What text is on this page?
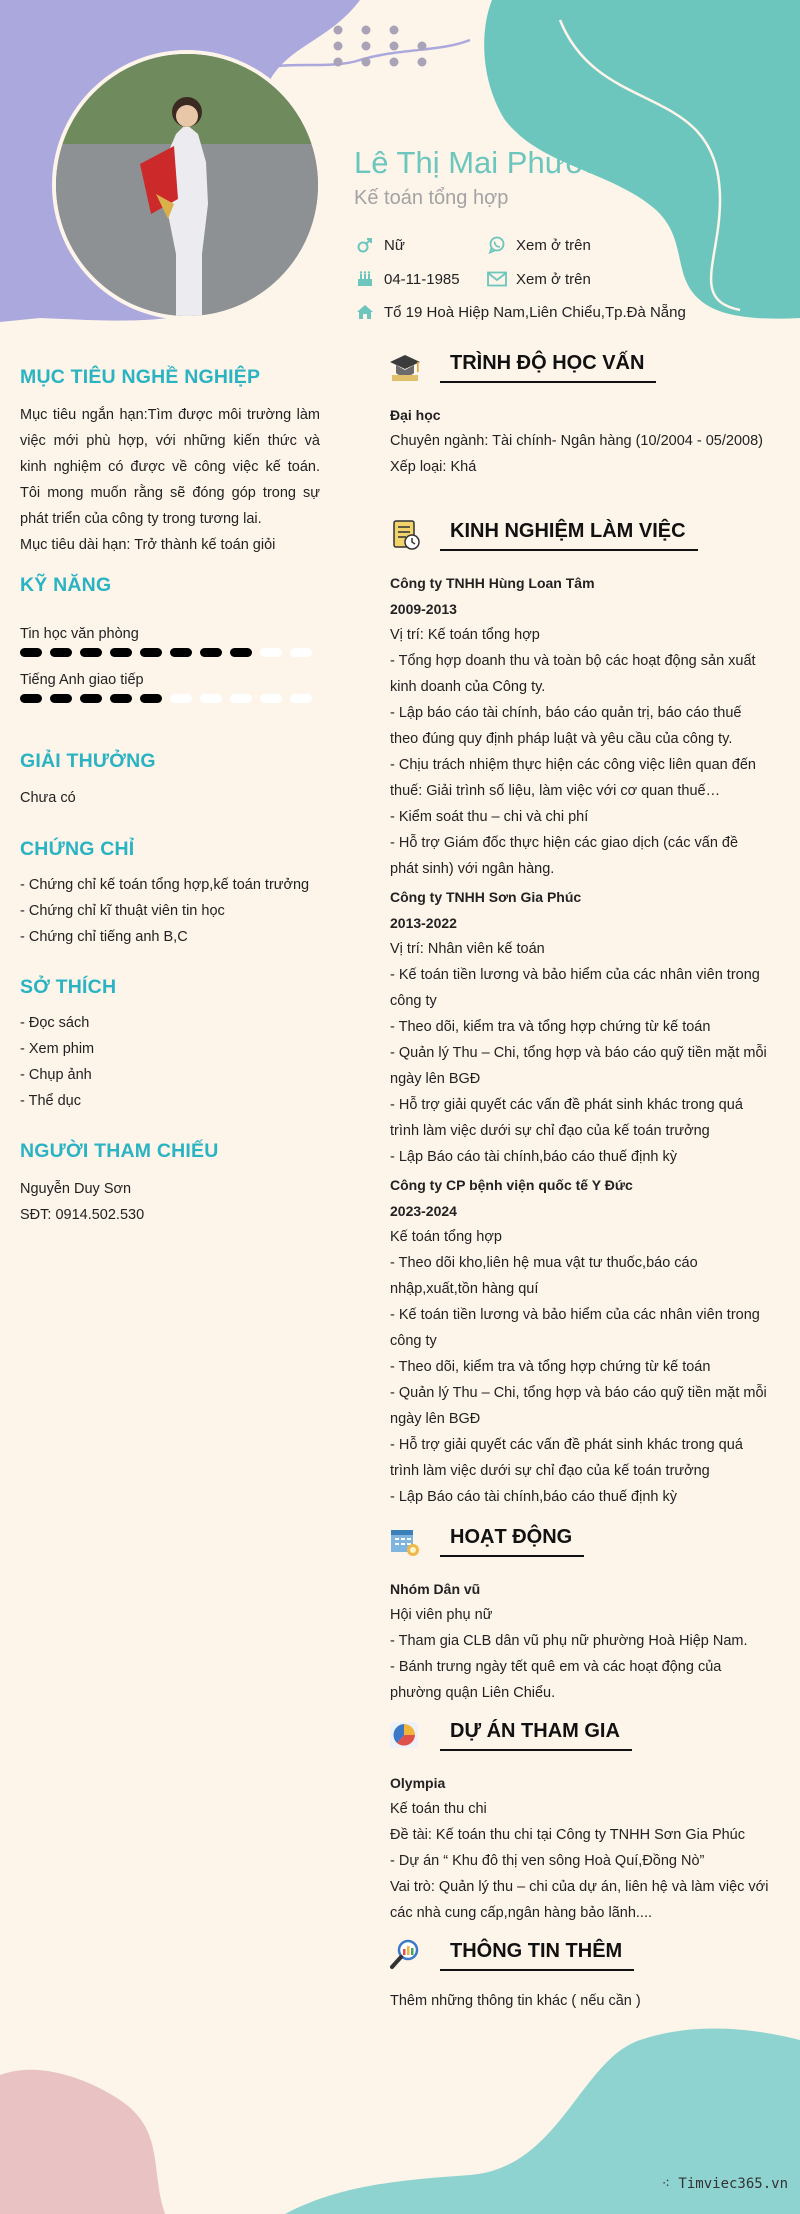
Lê Thị Mai Phương
Kế toán tổng hợp
Nữ	Xem ở trên
04-11-1985	Xem ở trên
Tổ 19 Hoà Hiệp Nam,Liên Chiểu,Tp.Đà Nẵng
MỤC TIÊU NGHỀ NGHIỆP
Mục tiêu ngắn hạn:Tìm được môi trường làm việc mới phù hợp, với những kiến thức và kinh nghiệm có được về công việc kế toán. Tôi mong muốn rằng sẽ đóng góp trong sự phát triển của công ty trong tương lai.
Mục tiêu dài hạn: Trở thành kế toán giỏi
KỸ NĂNG
Tin học văn phòng
Tiếng Anh giao tiếp
GIẢI THƯỞNG
Chưa có
CHỨNG CHỈ
- Chứng chỉ kế toán tổng hợp,kế toán trưởng
- Chứng chỉ kĩ thuật viên tin học
- Chứng chỉ tiếng anh B,C
SỞ THÍCH
- Đọc sách
- Xem phim
- Chụp ảnh
- Thể dục
NGƯỜI THAM CHIẾU
Nguyễn Duy Sơn
SĐT: 0914.502.530
TRÌNH ĐỘ HỌC VẤN
Đại học
Chuyên ngành: Tài chính- Ngân hàng (10/2004 - 05/2008)
Xếp loại: Khá
KINH NGHIỆM LÀM VIỆC
Công ty TNHH Hùng Loan Tâm
2009-2013
Vị trí: Kế toán tổng hợp
- Tổng hợp doanh thu và toàn bộ các hoạt động sản xuất kinh doanh của Công ty.
- Lập báo cáo tài chính, báo cáo quản trị, báo cáo thuế theo đúng quy định pháp luật và yêu cầu của công ty.
- Chịu trách nhiệm thực hiện các công việc liên quan đến thuế: Giải trình số liệu, làm việc với cơ quan thuế…
- Kiểm soát thu – chi và chi phí
- Hỗ trợ Giám đốc thực hiện các giao dịch (các vấn đề phát sinh) với ngân hàng.
Công ty TNHH Sơn Gia Phúc
2013-2022
Vị trí: Nhân viên kế toán
- Kế toán tiền lương và bảo hiểm của các nhân viên trong công ty
- Theo dõi, kiểm tra và tổng hợp chứng từ kế toán
- Quản lý Thu – Chi, tổng hợp và báo cáo quỹ tiền mặt mỗi ngày lên BGĐ
- Hỗ trợ giải quyết các vấn đề phát sinh khác trong quá trình làm việc dưới sự chỉ đạo của kế toán trưởng
- Lập Báo cáo tài chính,báo cáo thuế định kỳ
Công ty CP bệnh viện quốc tế Y Đức
2023-2024
Kế toán tổng hợp
- Theo dõi kho,liên hệ mua vật tư thuốc,báo cáo nhập,xuất,tồn hàng quí
- Kế toán tiền lương và bảo hiểm của các nhân viên trong công ty
- Theo dõi, kiểm tra và tổng hợp chứng từ kế toán
- Quản lý Thu – Chi, tổng hợp và báo cáo quỹ tiền mặt mỗi ngày lên BGĐ
- Hỗ trợ giải quyết các vấn đề phát sinh khác trong quá trình làm việc dưới sự chỉ đạo của kế toán trưởng
- Lập Báo cáo tài chính,báo cáo thuế định kỳ
HOẠT ĐỘNG
Nhóm Dân vũ
Hội viên phụ nữ
- Tham gia CLB dân vũ phụ nữ phường Hoà Hiệp Nam.
- Bánh trưng ngày tết quê em và các hoạt động của phường quận Liên Chiểu.
DỰ ÁN THAM GIA
Olympia
Kế toán thu chi
Đề tài: Kế toán thu chi tại Công ty TNHH Sơn Gia Phúc
- Dự án “ Khu đô thị ven sông Hoà Quí,Đồng Nò”
Vai trò: Quản lý thu – chi của dự án, liên hệ và làm việc với các nhà cung cấp,ngân hàng bảo lãnh....
THÔNG TIN THÊM
Thêm những thông tin khác ( nếu cần )
⁖ Timviec365.vn
